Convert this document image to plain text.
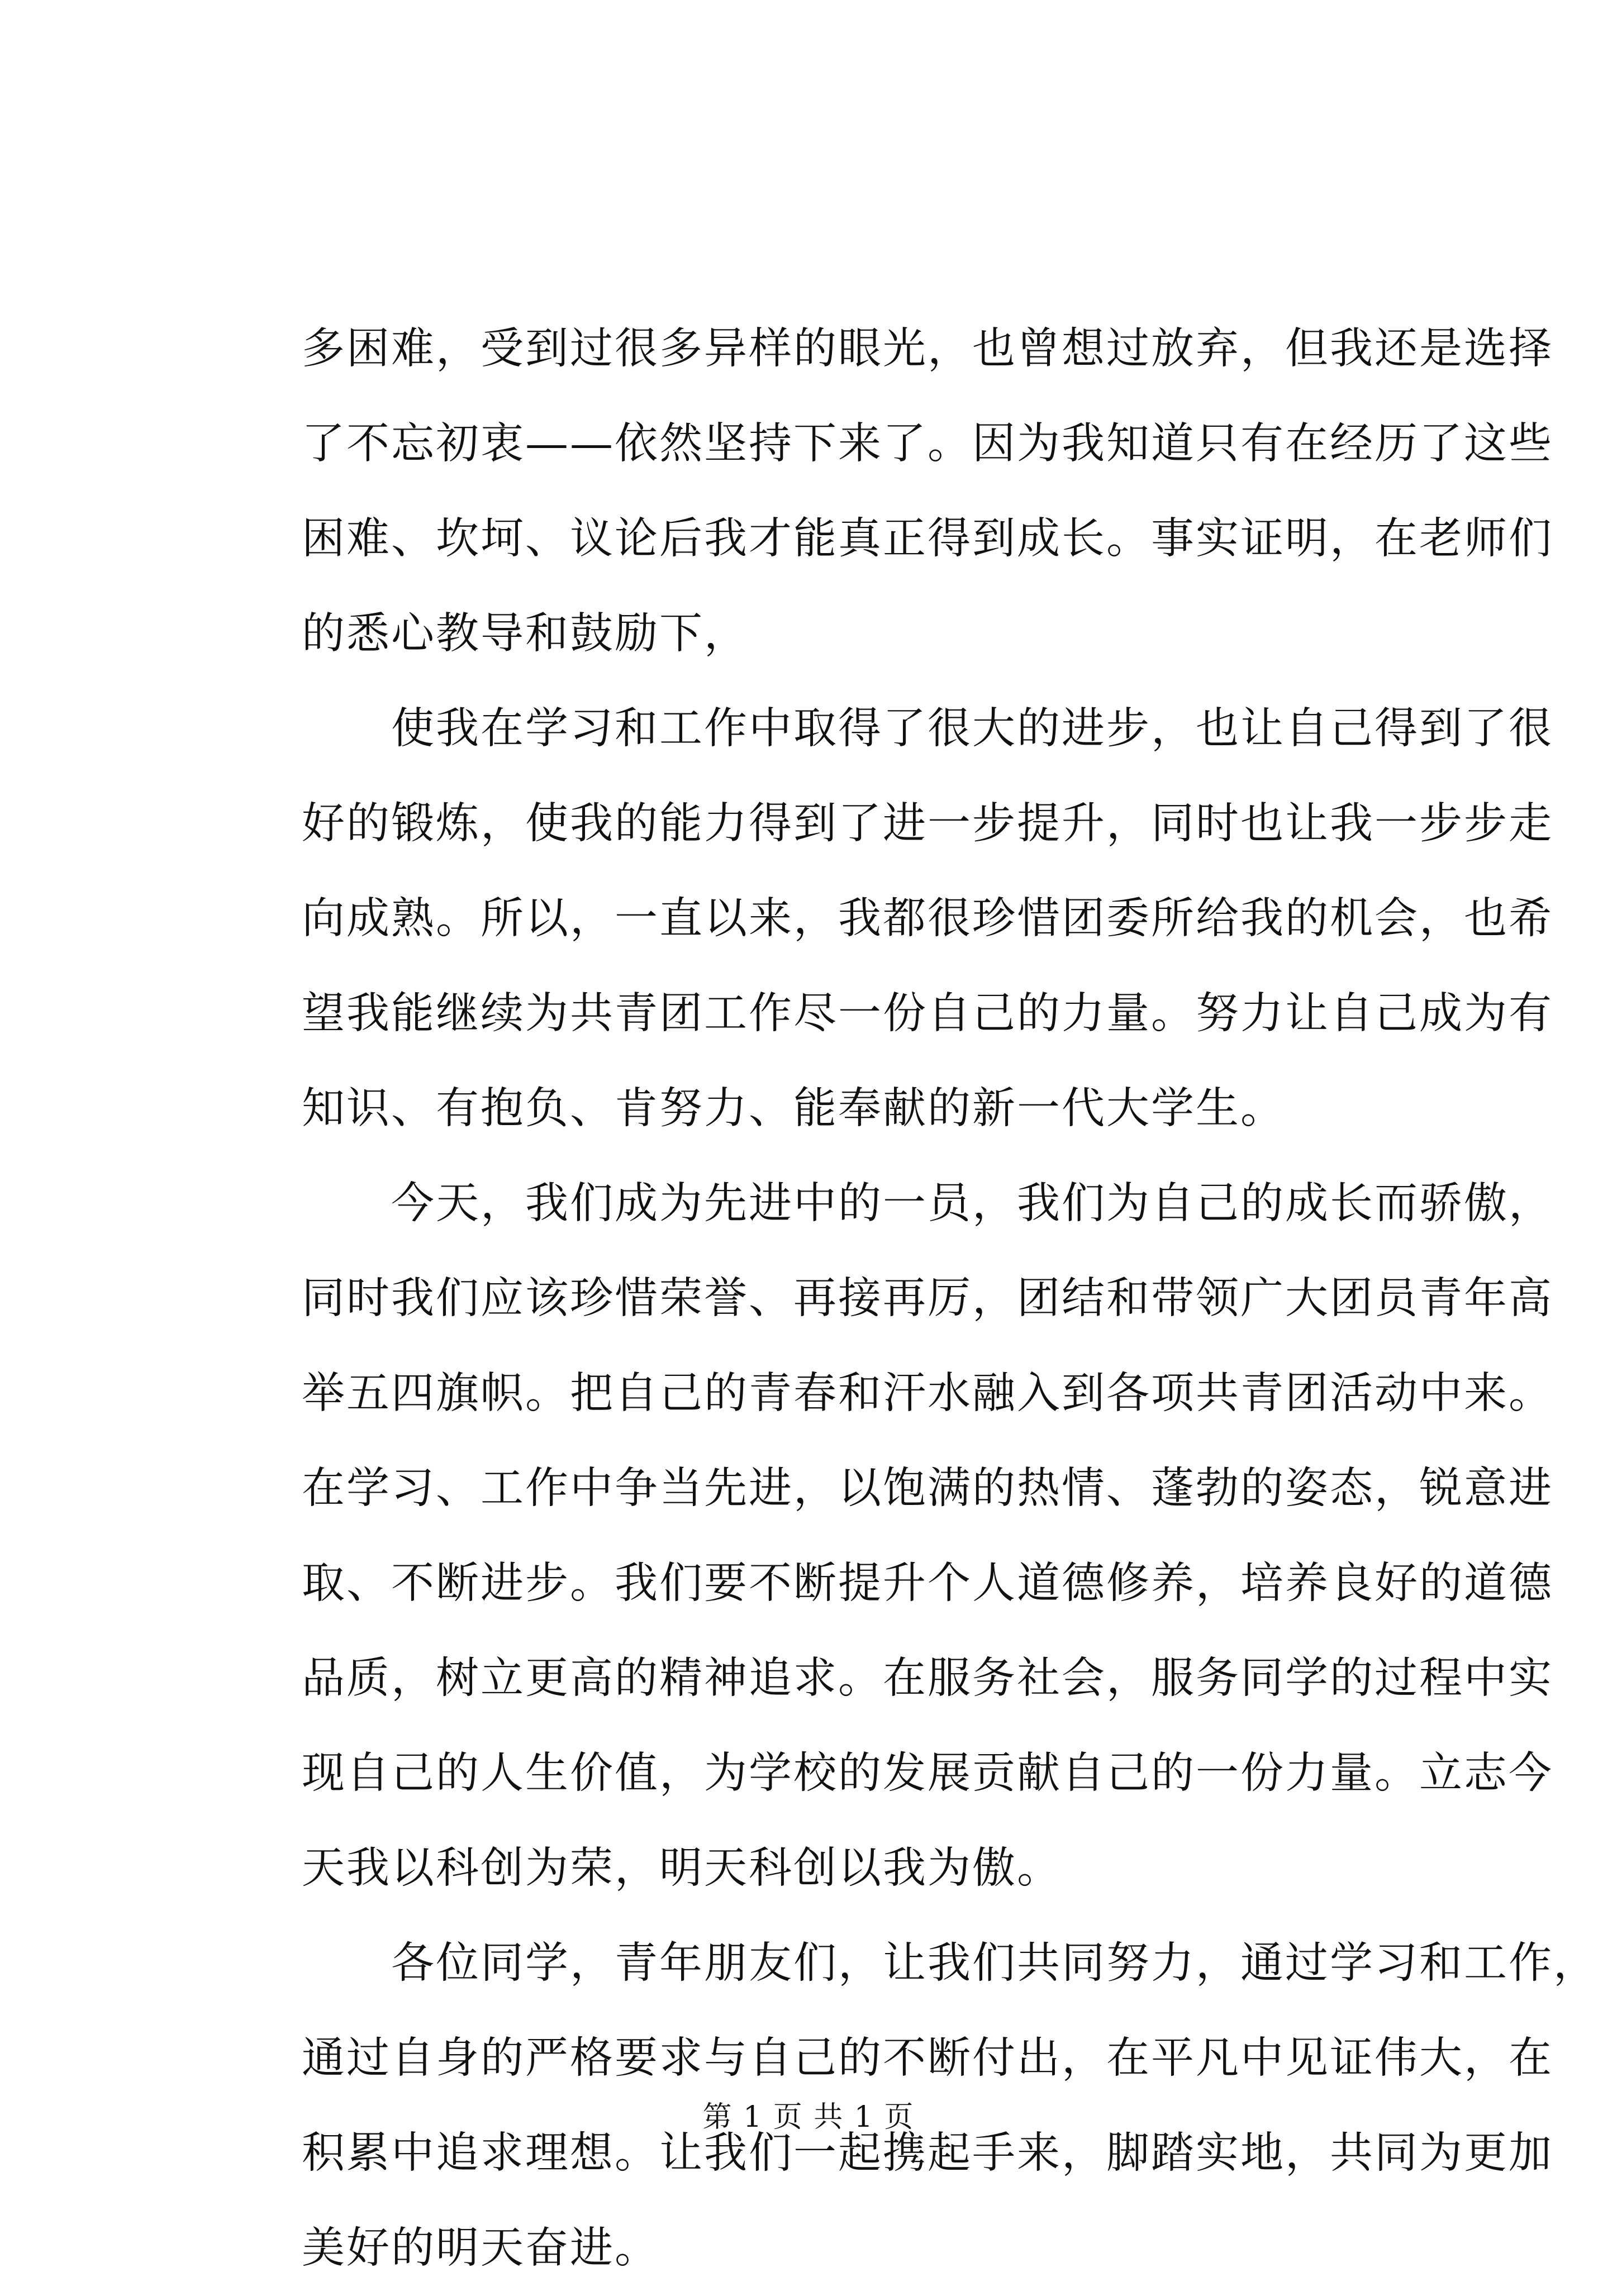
多困难，受到过很多异样的眼光，也曾想过放弃，但我还是选择
了不忘初衷——依然坚持下来了。因为我知道只有在经历了这些
困难、坎坷、议论后我才能真正得到成长。事实证明，在老师们
的悉心教导和鼓励下，
使我在学习和工作中取得了很大的进步，也让自己得到了很
好的锻炼，使我的能力得到了进一步提升，同时也让我一步步走
向成熟。所以，一直以来，我都很珍惜团委所给我的机会，也希
望我能继续为共青团工作尽一份自己的力量。努力让自己成为有
知识、有抱负、肯努力、能奉献的新一代大学生。
今天，我们成为先进中的一员，我们为自己的成长而骄傲，
同时我们应该珍惜荣誉、再接再厉，团结和带领广大团员青年高
举五四旗帜。把自己的青春和汗水融入到各项共青团活动中来。
在学习、工作中争当先进，以饱满的热情、蓬勃的姿态，锐意进
取、不断进步。我们要不断提升个人道德修养，培养良好的道德
品质，树立更高的精神追求。在服务社会，服务同学的过程中实
现自己的人生价值，为学校的发展贡献自己的一份力量。立志今
天我以科创为荣，明天科创以我为傲。
各位同学，青年朋友们，让我们共同努力，通过学习和工作，
通过自身的严格要求与自己的不断付出，在平凡中见证伟大，在
积累中追求理想。让我们一起携起手来，脚踏实地，共同为更加
美好的明天奋进。
第 1 页 共 1 页
